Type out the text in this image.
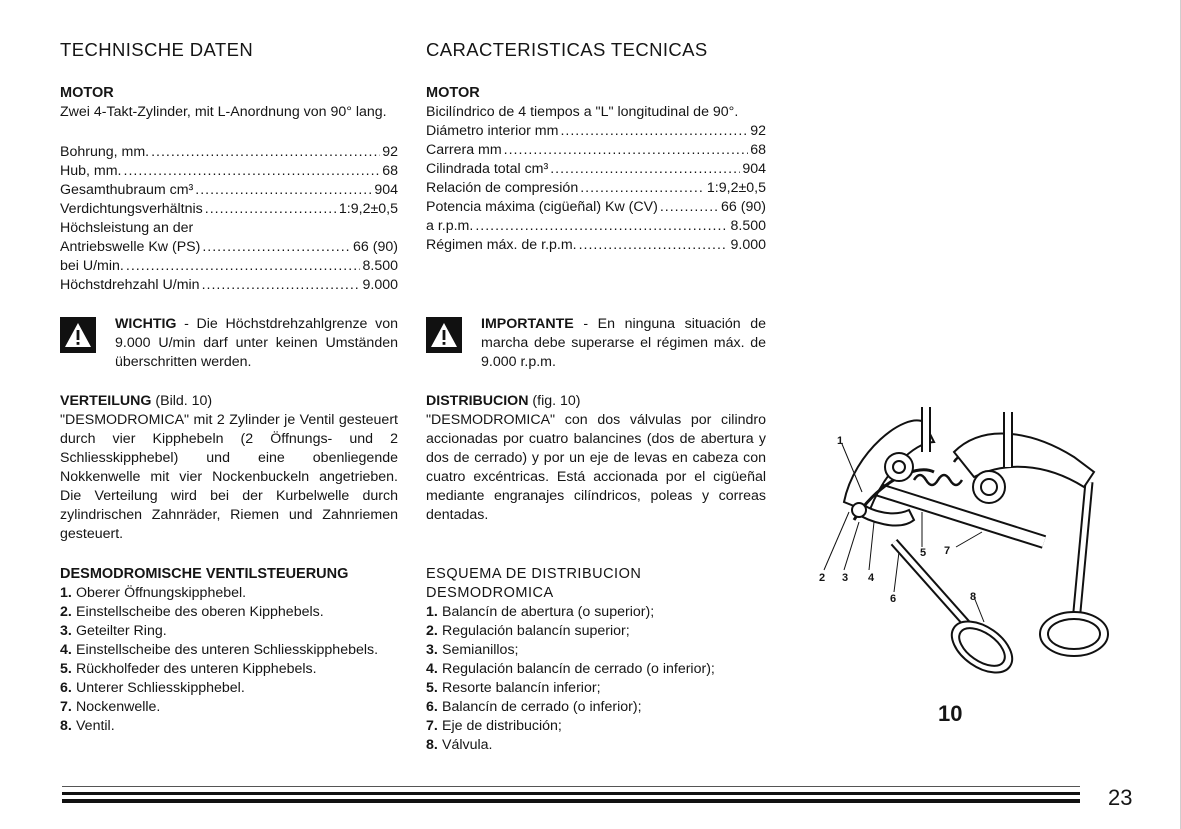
TECHNISCHE DATEN
MOTOR
Zwei 4-Takt-Zylinder, mit L-Anordnung von 90° lang.
Bohrung, mm. .....	92
Hub, mm. .....	68
Gesamthubraum cm³ .....	904
Verdichtungsverhältnis .....	1:9,2±0,5
Höchsleistung an der
Antriebswelle Kw (PS) .....	66 (90)
bei U/min. .....	8.500
Höchstdrehzahl U/min .....	9.000
WICHTIG - Die Höchstdrehzahlgrenze von 9.000 U/min darf unter keinen Umständen überschritten werden.
VERTEILUNG (Bild. 10)
"DESMODROMICA" mit 2 Zylinder je Ventil gesteuert durch vier Kipphebeln (2 Öffnungs- und 2 Schliesskipphebel) und eine obenliegende Nokkenwelle mit vier Nockenbuckeln angetrieben. Die Verteilung wird bei der Kurbelwelle durch zylindrischen Zahnräder, Riemen und Zahnriemen gesteuert.
DESMODROMISCHE VENTILSTEUERUNG
1. Oberer Öffnungskipphebel.
2. Einstellscheibe des oberen Kipphebels.
3. Geteilter Ring.
4. Einstellscheibe des unteren Schliesskipphebels.
5. Rückholfeder des unteren Kipphebels.
6. Unterer Schliesskipphebel.
7. Nockenwelle.
8. Ventil.
CARACTERISTICAS TECNICAS
MOTOR
Bicilíndrico de 4 tiempos a "L" longitudinal de 90°.
Diámetro interior mm .....	92
Carrera mm .....	68
Cilindrada total cm³ .....	904
Relación de compresión .....	1:9,2±0,5
Potencia máxima (cigüeñal) Kw (CV) .....	66 (90)
a r.p.m. .....	8.500
Régimen máx. de r.p.m. .....	9.000
IMPORTANTE - En ninguna situación de marcha debe superarse el régimen máx. de 9.000 r.p.m.
DISTRIBUCION (fig. 10)
"DESMODROMICA" con dos válvulas por cilindro accionadas por cuatro balancines (dos de abertura y dos de cerrado) y por un eje de levas en cabeza con cuatro excéntricas. Está accionada por el cigüeñal mediante engranajes cilíndricos, poleas y correas dentadas.
ESQUEMA DE DISTRIBUCION DESMODROMICA
1. Balancín de abertura (o superior);
2. Regulación balancín superior;
3. Semianillos;
4. Regulación balancín de cerrado (o inferior);
5. Resorte balancín inferior;
6. Balancín de cerrado (o inferior);
7. Eje de distribución;
8. Válvula.
1
2 3 4
5
6
7
8
10
23
